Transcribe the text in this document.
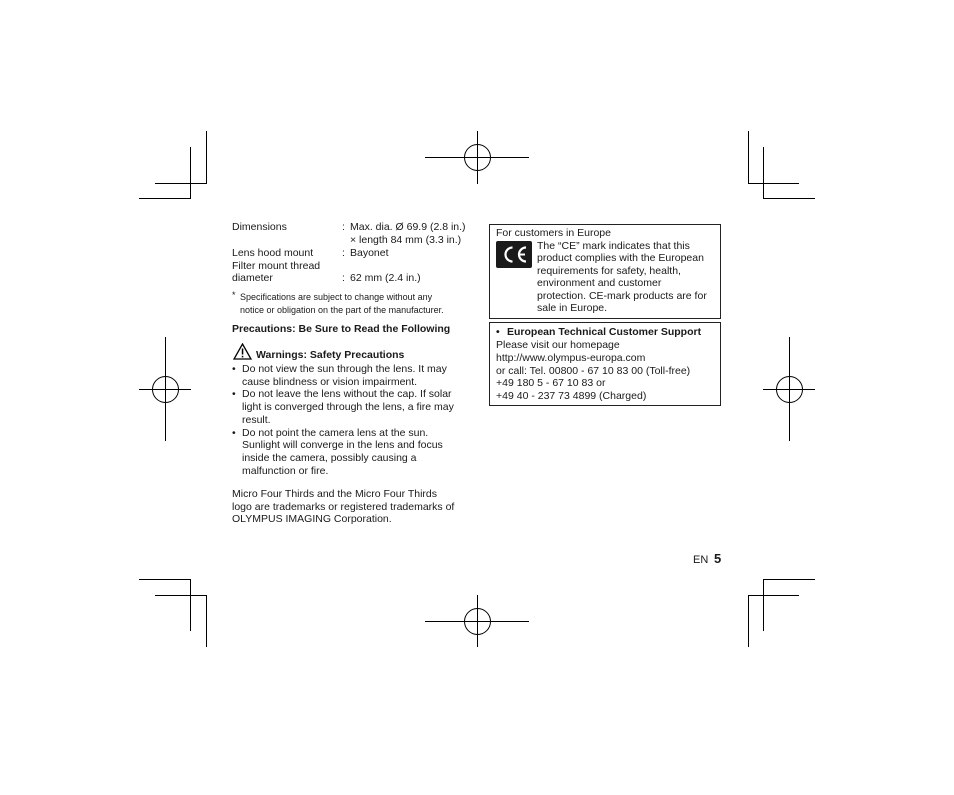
Dimensions	: Max. dia. Ø 69.9 (2.8 in.)
× length 84 mm (3.3 in.)
Lens hood mount	: Bayonet
Filter mount thread
diameter	: 62 mm (2.4 in.)
* Specifications are subject to change without any
notice or obligation on the part of the manufacturer.
Precautions: Be Sure to Read the Following
Warnings: Safety Precautions
• Do not view the sun through the lens. It may
cause blindness or vision impairment.
• Do not leave the lens without the cap. If solar
light is converged through the lens, a fire may
result.
• Do not point the camera lens at the sun.
Sunlight will converge in the lens and focus
inside the camera, possibly causing a
malfunction or fire.
Micro Four Thirds and the Micro Four Thirds
logo are trademarks or registered trademarks of
OLYMPUS IMAGING Corporation.
For customers in Europe
The “CE” mark indicates that this
product complies with the European
requirements for safety, health,
environment and customer
protection. CE-mark products are for
sale in Europe.
• European Technical Customer Support
Please visit our homepage
http://www.olympus-europa.com
or call: Tel. 00800 - 67 10 83 00 (Toll-free)
+49 180 5 - 67 10 83 or
+49 40 - 237 73 4899 (Charged)
EN 5
